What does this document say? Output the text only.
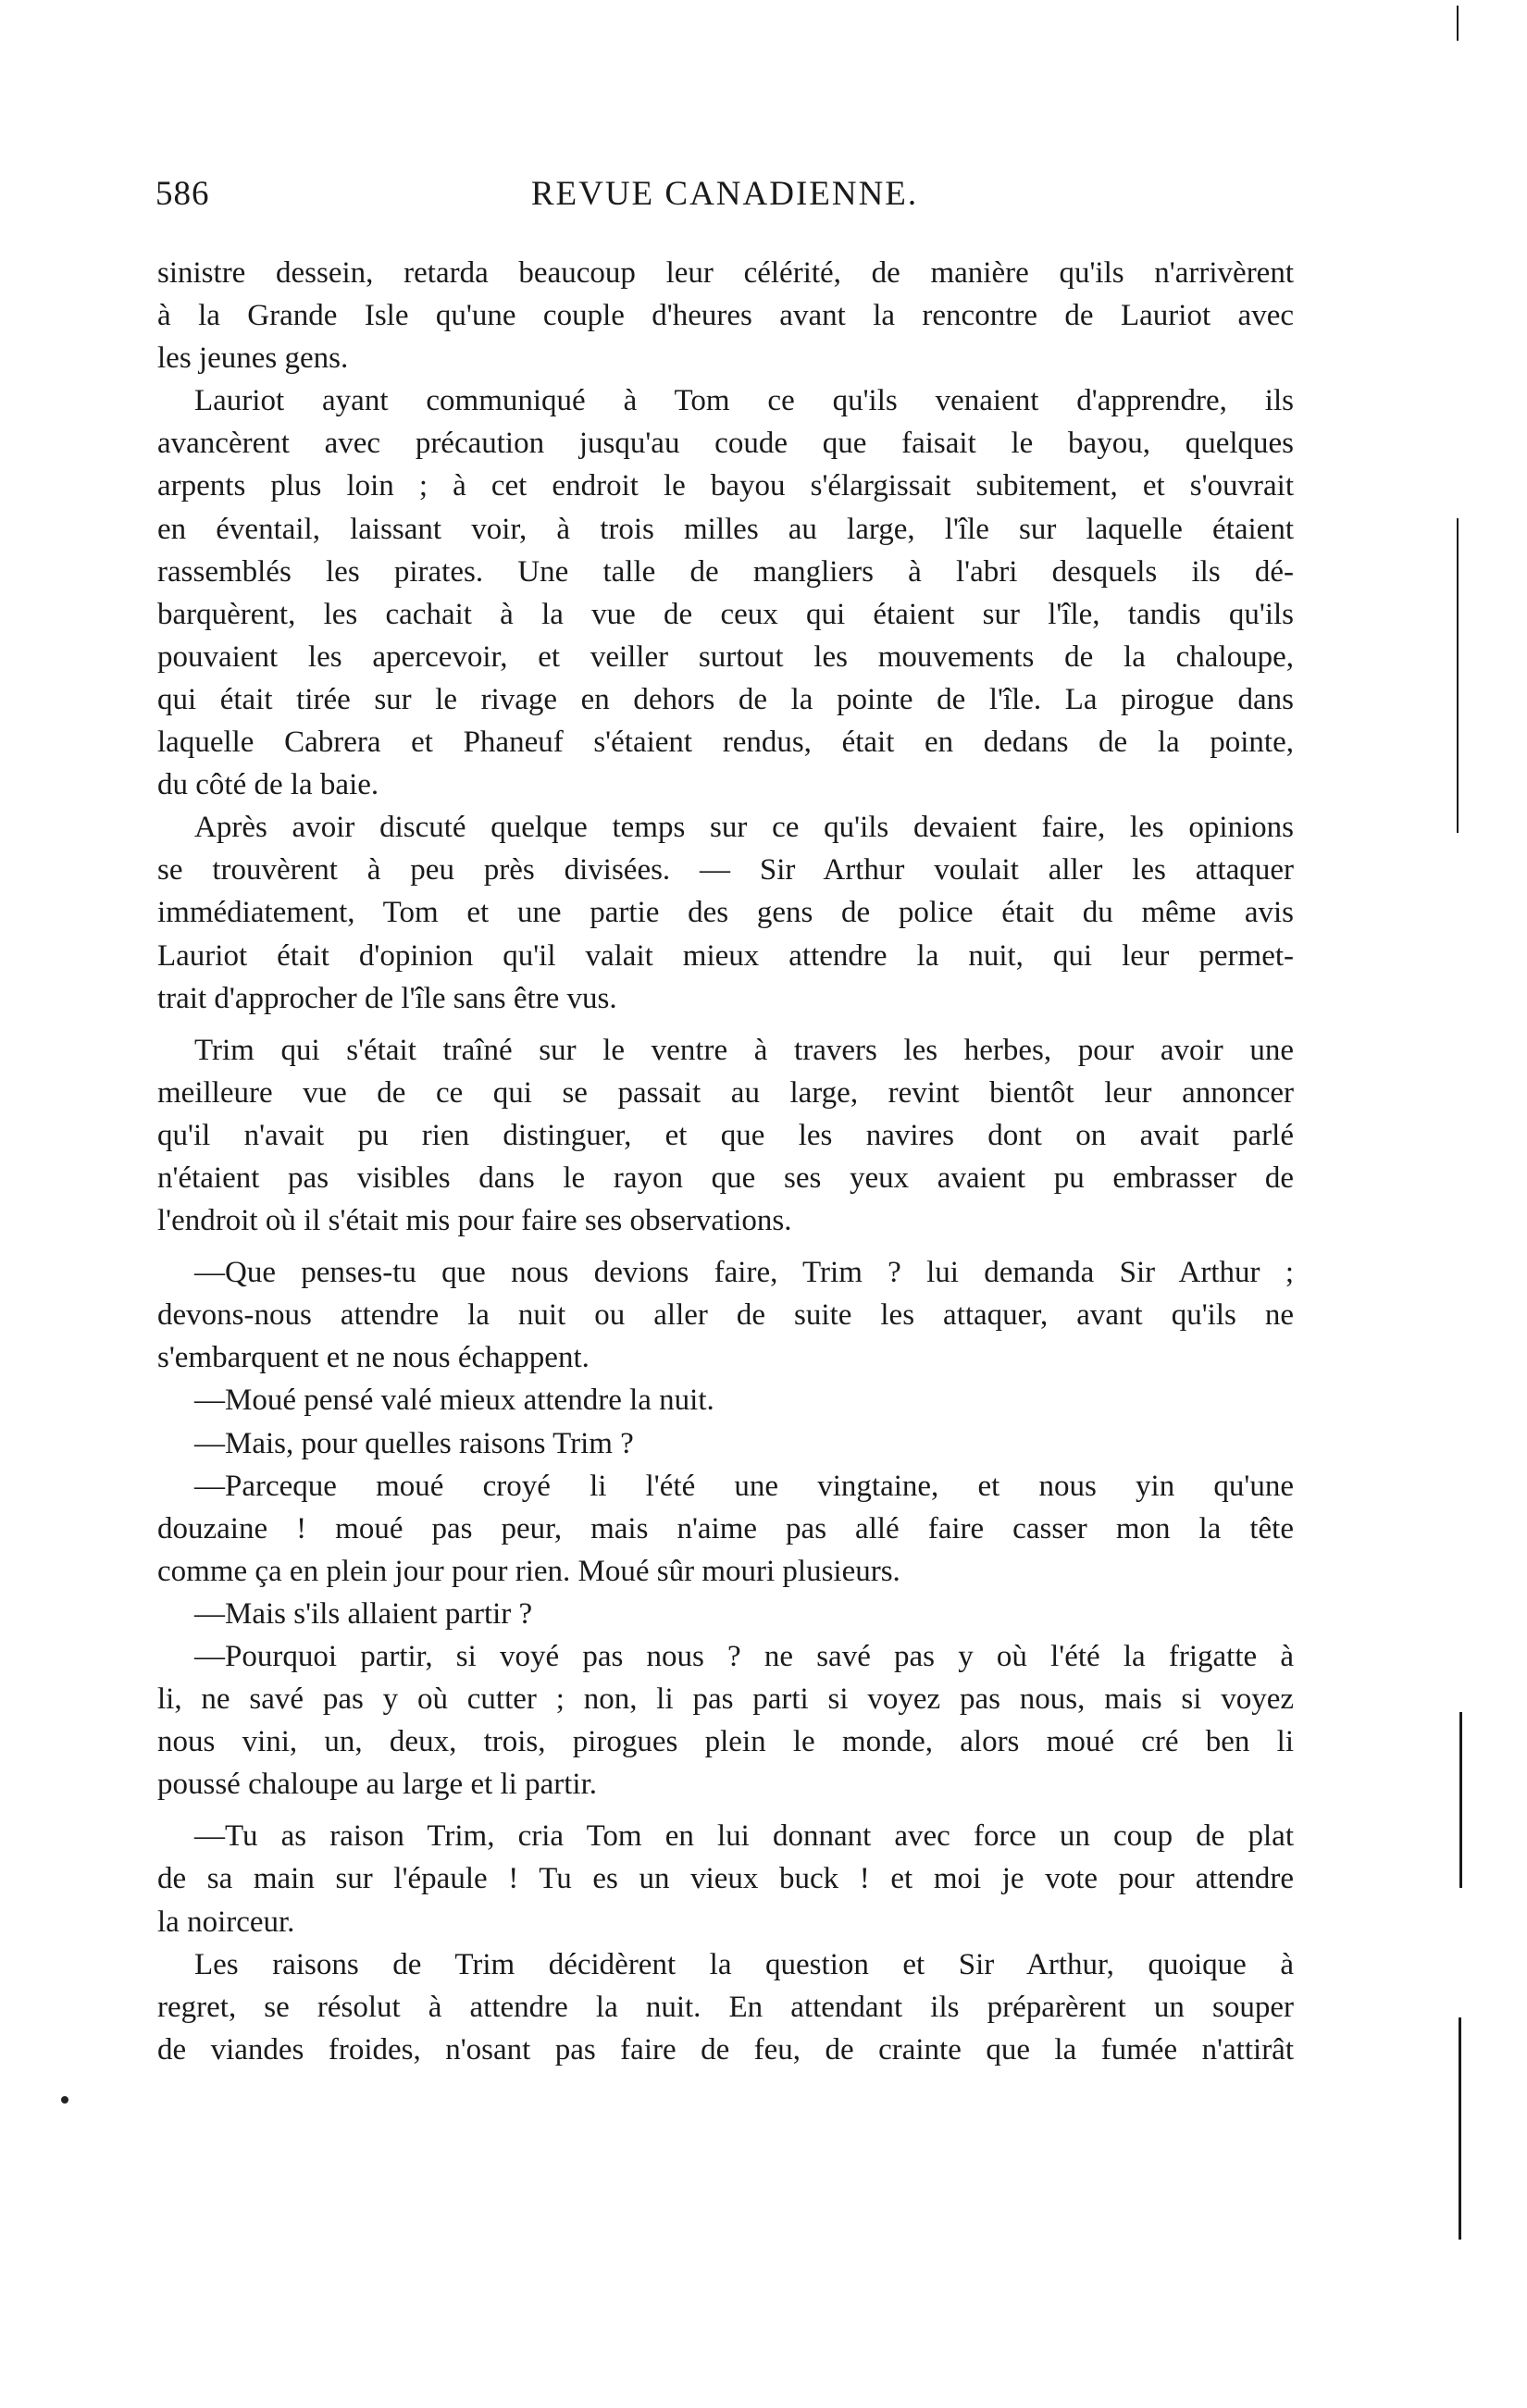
586	REVUE CANADIENNE.
sinistre dessein, retarda beaucoup leur célérité, de manière qu'ils n'arrivèrent
à la Grande Isle qu'une couple d'heures avant la rencontre de Lauriot avec
les jeunes gens.
Lauriot ayant communiqué à Tom ce qu'ils venaient d'apprendre, ils
avancèrent avec précaution jusqu'au coude que faisait le bayou, quelques
arpents plus loin ; à cet endroit le bayou s'élargissait subitement, et s'ouvrait
en éventail, laissant voir, à trois milles au large, l'île sur laquelle étaient
rassemblés les pirates. Une talle de mangliers à l'abri desquels ils dé-
barquèrent, les cachait à la vue de ceux qui étaient sur l'île, tandis qu'ils
pouvaient les apercevoir, et veiller surtout les mouvements de la chaloupe,
qui était tirée sur le rivage en dehors de la pointe de l'île. La pirogue dans
laquelle Cabrera et Phaneuf s'étaient rendus, était en dedans de la pointe,
du côté de la baie.
Après avoir discuté quelque temps sur ce qu'ils devaient faire, les opinions
se trouvèrent à peu près divisées. — Sir Arthur voulait aller les attaquer
immédiatement, Tom et une partie des gens de police était du même avis
Lauriot était d'opinion qu'il valait mieux attendre la nuit, qui leur permet-
trait d'approcher de l'île sans être vus.
Trim qui s'était traîné sur le ventre à travers les herbes, pour avoir une
meilleure vue de ce qui se passait au large, revint bientôt leur annoncer
qu'il n'avait pu rien distinguer, et que les navires dont on avait parlé
n'étaient pas visibles dans le rayon que ses yeux avaient pu embrasser de
l'endroit où il s'était mis pour faire ses observations.
—Que penses-tu que nous devions faire, Trim ? lui demanda Sir Arthur ;
devons-nous attendre la nuit ou aller de suite les attaquer, avant qu'ils ne
s'embarquent et ne nous échappent.
—Moué pensé valé mieux attendre la nuit.
—Mais, pour quelles raisons Trim ?
—Parceque moué croyé li l'été une vingtaine, et nous yin qu'une
douzaine ! moué pas peur, mais n'aime pas allé faire casser mon la tête
comme ça en plein jour pour rien. Moué sûr mouri plusieurs.
—Mais s'ils allaient partir ?
—Pourquoi partir, si voyé pas nous ? ne savé pas y où l'été la frigatte à
li, ne savé pas y où cutter ; non, li pas parti si voyez pas nous, mais si voyez
nous vini, un, deux, trois, pirogues plein le monde, alors moué cré ben li
poussé chaloupe au large et li partir.
—Tu as raison Trim, cria Tom en lui donnant avec force un coup de plat
de sa main sur l'épaule ! Tu es un vieux buck ! et moi je vote pour attendre
la noirceur.
Les raisons de Trim décidèrent la question et Sir Arthur, quoique à
regret, se résolut à attendre la nuit. En attendant ils préparèrent un souper
de viandes froides, n'osant pas faire de feu, de crainte que la fumée n'attirât
